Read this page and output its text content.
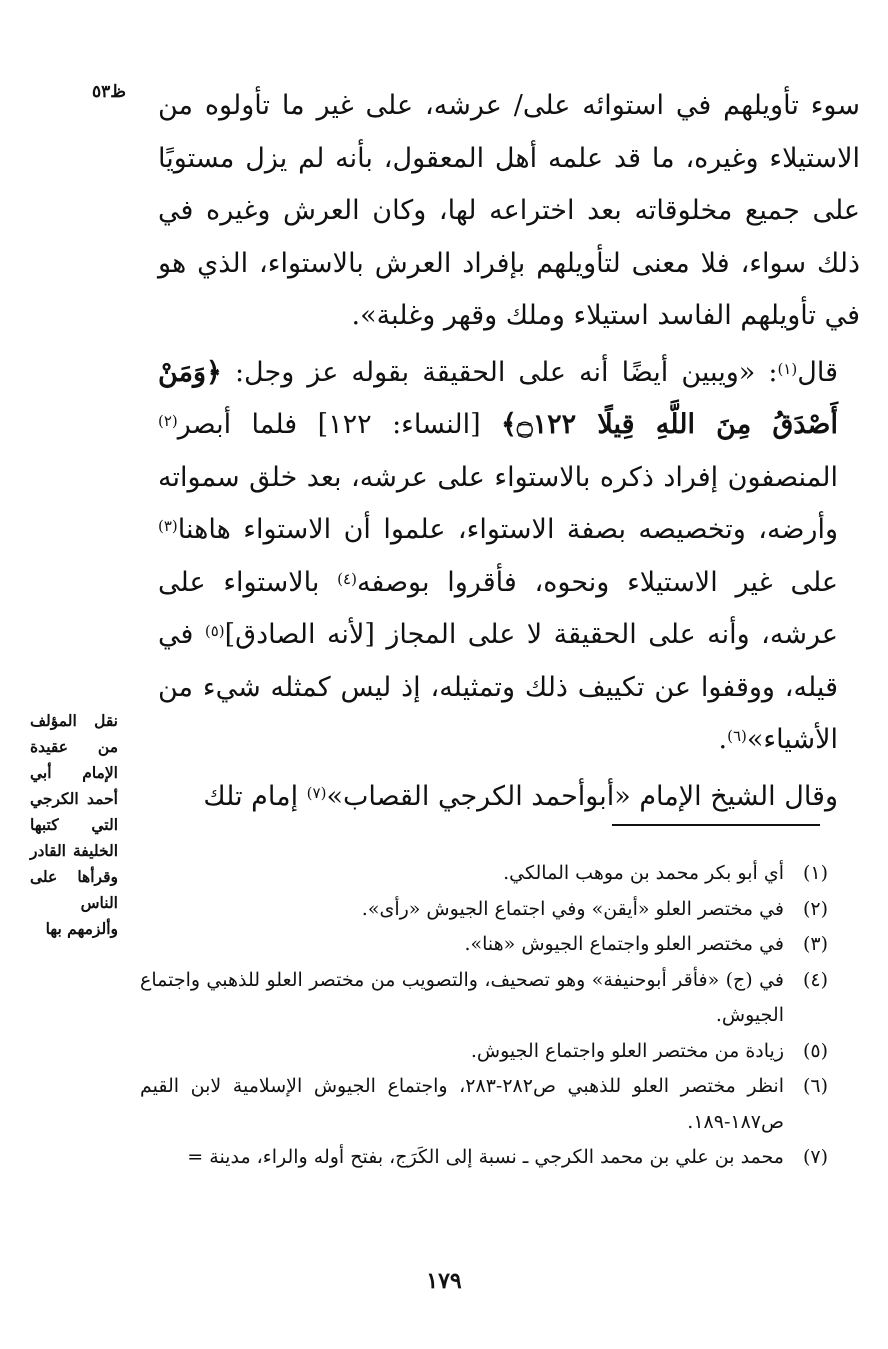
ظ٥٣ سوء تأويلهم في استوائه على/ عرشه، على غير ما تأولوه من الاستيلاء وغيره، ما قد علمه أهل المعقول، بأنه لم يزل مستويًا على جميع مخلوقاته بعد اختراعه لها، وكان العرش وغيره في ذلك سواء، فلا معنى لتأويلهم بإفراد العرش بالاستواء، الذي هو في تأويلهم الفاسد استيلاء وملك وقهر وغلبة».

قال$^{(١)}$: «ويبين أيضًا أنه على الحقيقة بقوله عز وجل: ﴿وَمَنْ أَصْدَقُ مِنَ اللَّهِ قِيلًا ۝١٢٢﴾ [النساء: ١٢٢] فلما أبصر$^{(٢)}$ المنصفون إفراد ذكره بالاستواء على عرشه، بعد خلق سمواته وأرضه، وتخصيصه بصفة الاستواء، علموا أن الاستواء هاهنا$^{(٣)}$ على غير الاستيلاء ونحوه، فأقروا بوصفه$^{(٤)}$ بالاستواء على عرشه، وأنه على الحقيقة لا على المجاز [لأنه الصادق]$^{(٥)}$ في قيله، ووقفوا عن تكييف ذلك وتمثيله، إذ ليس كمثله شيء من الأشياء»$^{(٦)}$.

وقال الشيخ الإمام «أبوأحمد الكرجي القصاب»$^{(٧)}$ إمام تلك

نقل المؤلف من عقيدة الإمام أبي أحمد الكرجي التي كتبها الخليفة القادر وقرأها على الناس وألزمهم بها
(١)
أي أبو بكر محمد بن موهب المالكي.
(٢)
في مختصر العلو «أيقن» وفي اجتماع الجيوش «رأى».
(٣)
في مختصر العلو واجتماع الجيوش «هنا».
(٤)
في (ج) «فأقر أبوحنيفة» وهو تصحيف، والتصويب من مختصر العلو للذهبي واجتماع الجيوش.
(٥)
زيادة من مختصر العلو واجتماع الجيوش.
(٦)
انظر مختصر العلو للذهبي ص٢٨٢-٢٨٣، واجتماع الجيوش الإسلامية لابن القيم ص١٨٧-١٨٩.
(٧)
محمد بن علي بن محمد الكرجي ـ نسبة إلى الكَرَج، بفتح أوله والراء، مدينة =
١٧٩
